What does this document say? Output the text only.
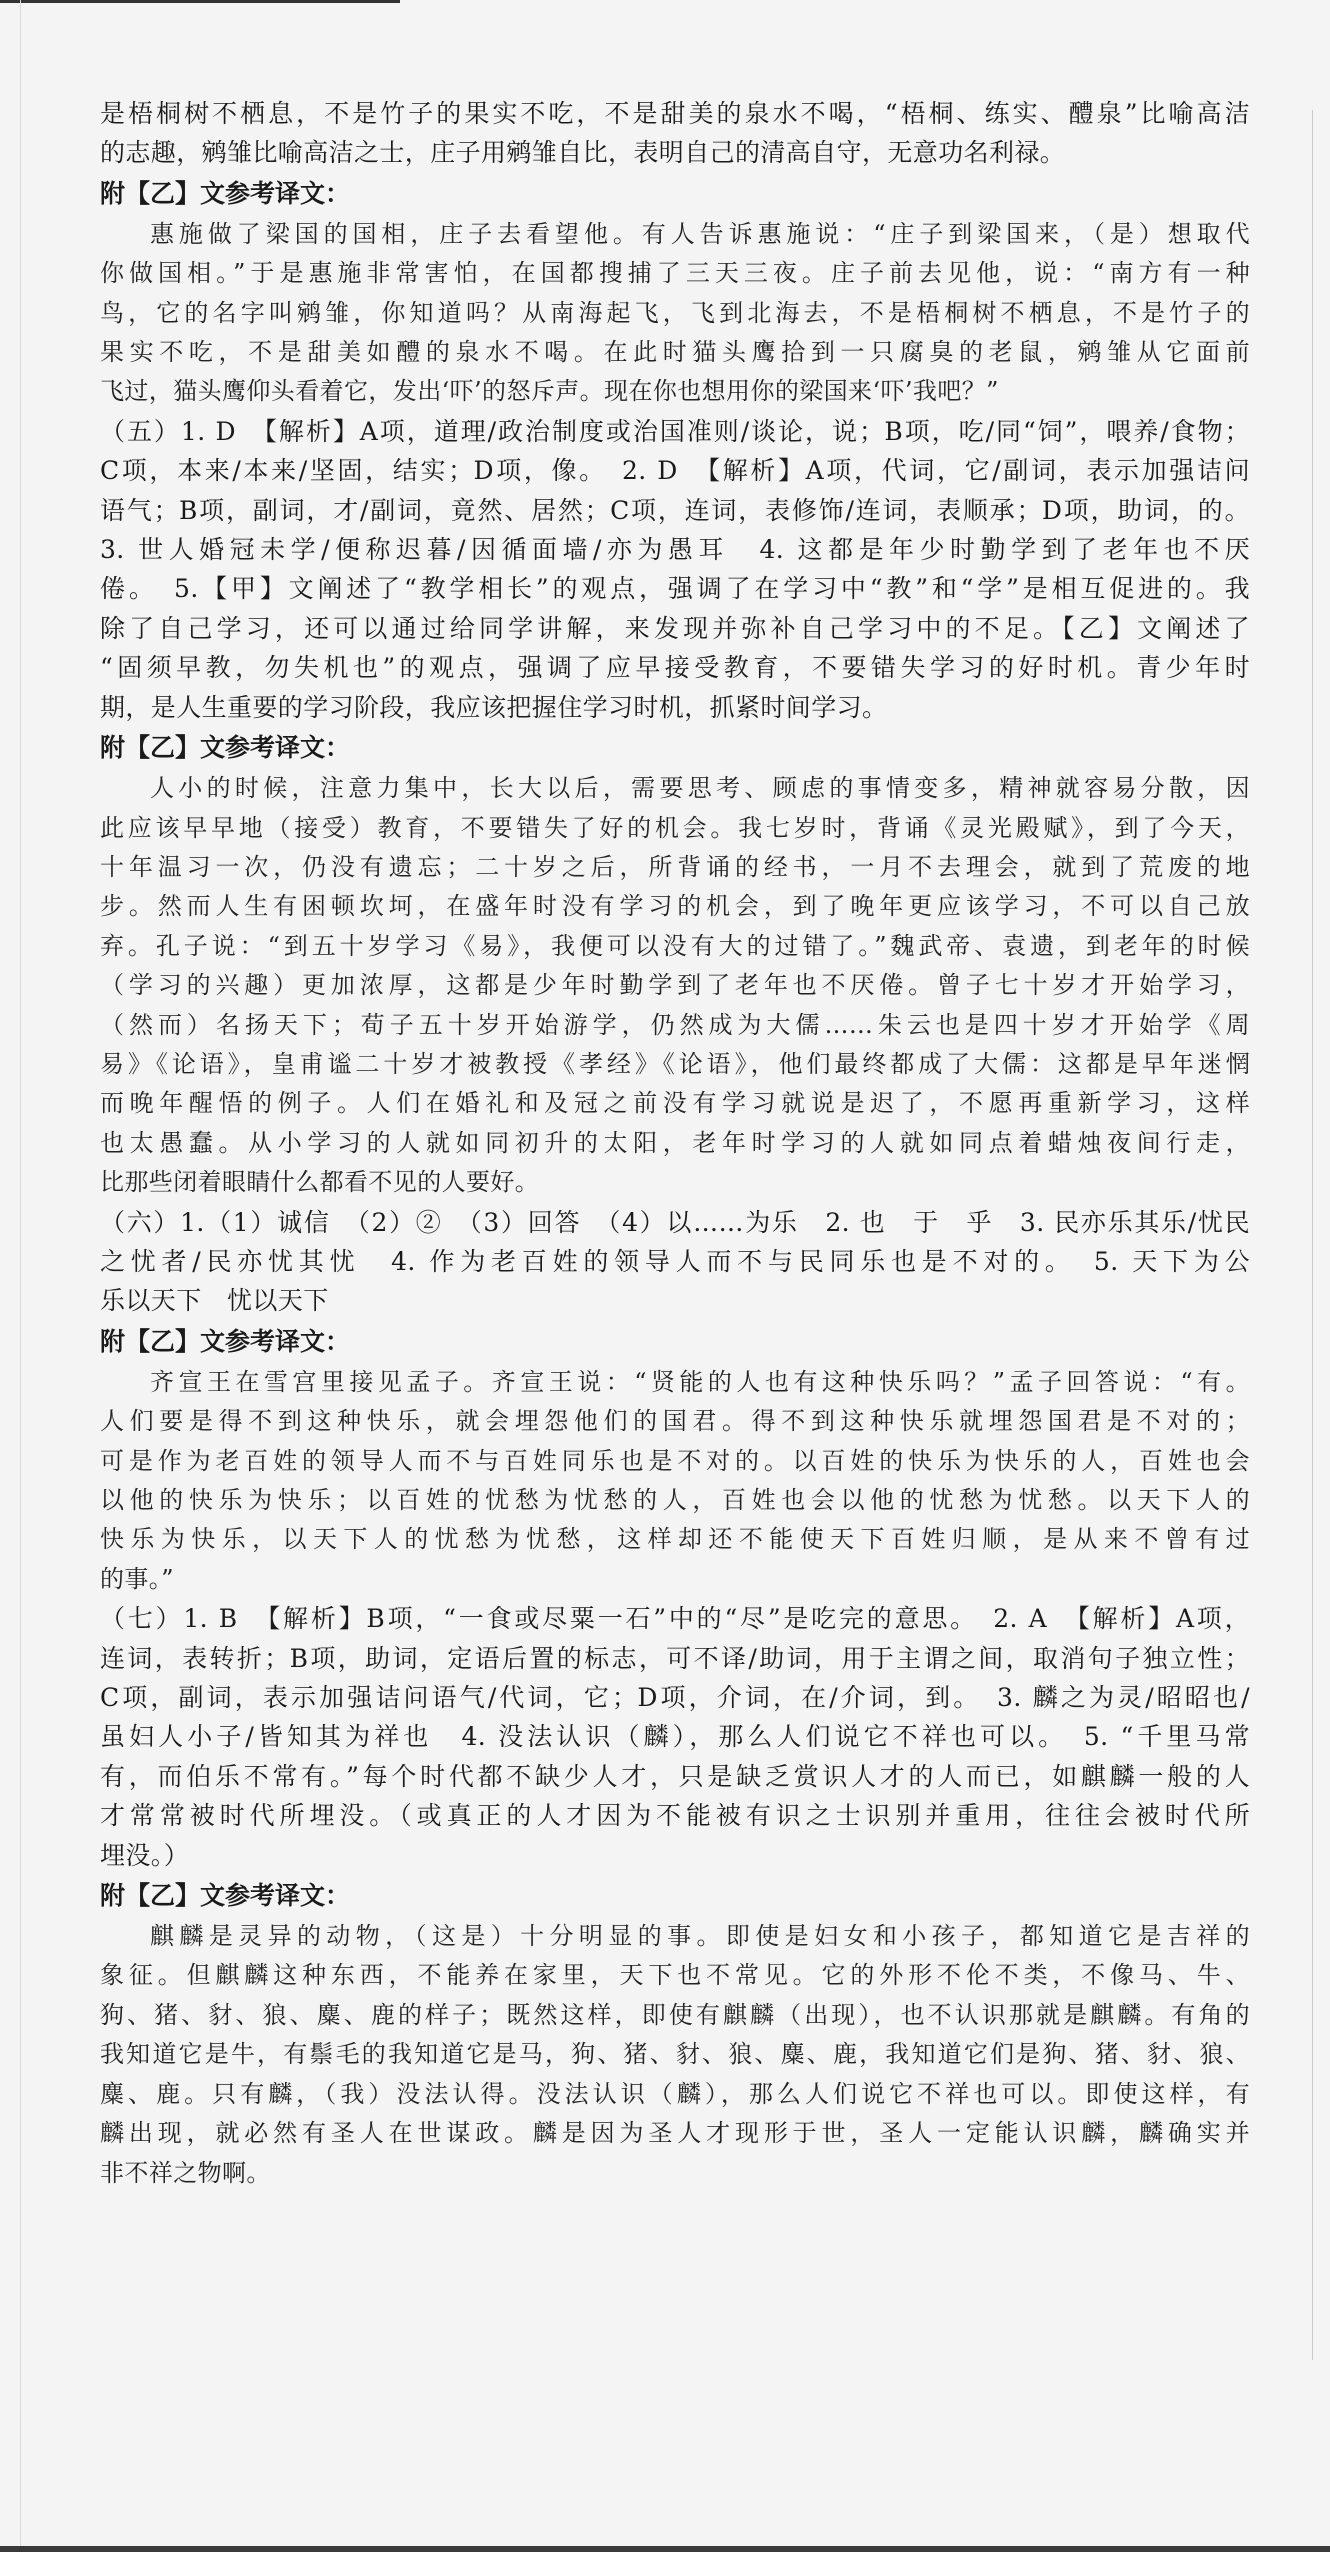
是梧桐树不栖息，不是竹子的果实不吃，不是甜美的泉水不喝，“梧桐、练实、醴泉”比喻高洁
的志趣，鹓雏比喻高洁之士，庄子用鹓雏自比，表明自己的清高自守，无意功名利禄。
附【乙】文参考译文：
惠施做了梁国的国相，庄子去看望他。有人告诉惠施说：“庄子到梁国来，（是）想取代
你做国相。”于是惠施非常害怕，在国都搜捕了三天三夜。庄子前去见他，说：“南方有一种
鸟，它的名字叫鹓雏，你知道吗？从南海起飞，飞到北海去，不是梧桐树不栖息，不是竹子的
果实不吃，不是甜美如醴的泉水不喝。在此时猫头鹰拾到一只腐臭的老鼠，鹓雏从它面前
飞过，猫头鹰仰头看着它，发出‘吓’的怒斥声。现在你也想用你的梁国来‘吓’我吧？”
（五）1. D　【解析】A项，道理/政治制度或治国准则/谈论，说；B项，吃/同“饲”，喂养/食物；
C项，本来/本来/坚固，结实；D项，像。　2. D　【解析】A项，代词，它/副词，表示加强诘问
语气；B项，副词，才/副词，竟然、居然；C项，连词，表修饰/连词，表顺承；D项，助词，的。
3. 世人婚冠未学/便称迟暮/因循面墙/亦为愚耳　4. 这都是年少时勤学到了老年也不厌
倦。　5.【甲】文阐述了“教学相长”的观点，强调了在学习中“教”和“学”是相互促进的。我
除了自己学习，还可以通过给同学讲解，来发现并弥补自己学习中的不足。【乙】文阐述了
“固须早教，勿失机也”的观点，强调了应早接受教育，不要错失学习的好时机。青少年时
期，是人生重要的学习阶段，我应该把握住学习时机，抓紧时间学习。
附【乙】文参考译文：
人小的时候，注意力集中，长大以后，需要思考、顾虑的事情变多，精神就容易分散，因
此应该早早地（接受）教育，不要错失了好的机会。我七岁时，背诵《灵光殿赋》，到了今天，
十年温习一次，仍没有遗忘；二十岁之后，所背诵的经书，一月不去理会，就到了荒废的地
步。然而人生有困顿坎坷，在盛年时没有学习的机会，到了晚年更应该学习，不可以自己放
弃。孔子说：“到五十岁学习《易》，我便可以没有大的过错了。”魏武帝、袁遗，到老年的时候
（学习的兴趣）更加浓厚，这都是少年时勤学到了老年也不厌倦。曾子七十岁才开始学习，
（然而）名扬天下；荀子五十岁开始游学，仍然成为大儒……朱云也是四十岁才开始学《周
易》《论语》，皇甫谧二十岁才被教授《孝经》《论语》，他们最终都成了大儒：这都是早年迷惘
而晚年醒悟的例子。人们在婚礼和及冠之前没有学习就说是迟了，不愿再重新学习，这样
也太愚蠢。从小学习的人就如同初升的太阳，老年时学习的人就如同点着蜡烛夜间行走，
比那些闭着眼睛什么都看不见的人要好。
（六）1.（1）诚信　（2）②　（3）回答　（4）以……为乐　2. 也　于　乎　3. 民亦乐其乐/忧民
之忧者/民亦忧其忧　4. 作为老百姓的领导人而不与民同乐也是不对的。　5. 天下为公
乐以天下　忧以天下
附【乙】文参考译文：
齐宣王在雪宫里接见孟子。齐宣王说：“贤能的人也有这种快乐吗？”孟子回答说：“有。
人们要是得不到这种快乐，就会埋怨他们的国君。得不到这种快乐就埋怨国君是不对的；
可是作为老百姓的领导人而不与百姓同乐也是不对的。以百姓的快乐为快乐的人，百姓也会
以他的快乐为快乐；以百姓的忧愁为忧愁的人，百姓也会以他的忧愁为忧愁。以天下人的
快乐为快乐，以天下人的忧愁为忧愁，这样却还不能使天下百姓归顺，是从来不曾有过
的事。”
（七）1. B　【解析】B项，“一食或尽粟一石”中的“尽”是吃完的意思。　2. A　【解析】A项，
连词，表转折；B项，助词，定语后置的标志，可不译/助词，用于主谓之间，取消句子独立性；
C项，副词，表示加强诘问语气/代词，它；D项，介词，在/介词，到。　3. 麟之为灵/昭昭也/
虽妇人小子/皆知其为祥也　4. 没法认识（麟），那么人们说它不祥也可以。　5. “千里马常
有，而伯乐不常有。”每个时代都不缺少人才，只是缺乏赏识人才的人而已，如麒麟一般的人
才常常被时代所埋没。（或真正的人才因为不能被有识之士识别并重用，往往会被时代所
埋没。）
附【乙】文参考译文：
麒麟是灵异的动物，（这是）十分明显的事。即使是妇女和小孩子，都知道它是吉祥的
象征。但麒麟这种东西，不能养在家里，天下也不常见。它的外形不伦不类，不像马、牛、
狗、猪、豺、狼、麋、鹿的样子；既然这样，即使有麒麟（出现），也不认识那就是麒麟。有角的
我知道它是牛，有鬃毛的我知道它是马，狗、猪、豺、狼、麋、鹿，我知道它们是狗、猪、豺、狼、
麋、鹿。只有麟，（我）没法认得。没法认识（麟），那么人们说它不祥也可以。即使这样，有
麟出现，就必然有圣人在世谋政。麟是因为圣人才现形于世，圣人一定能认识麟，麟确实并
非不祥之物啊。
